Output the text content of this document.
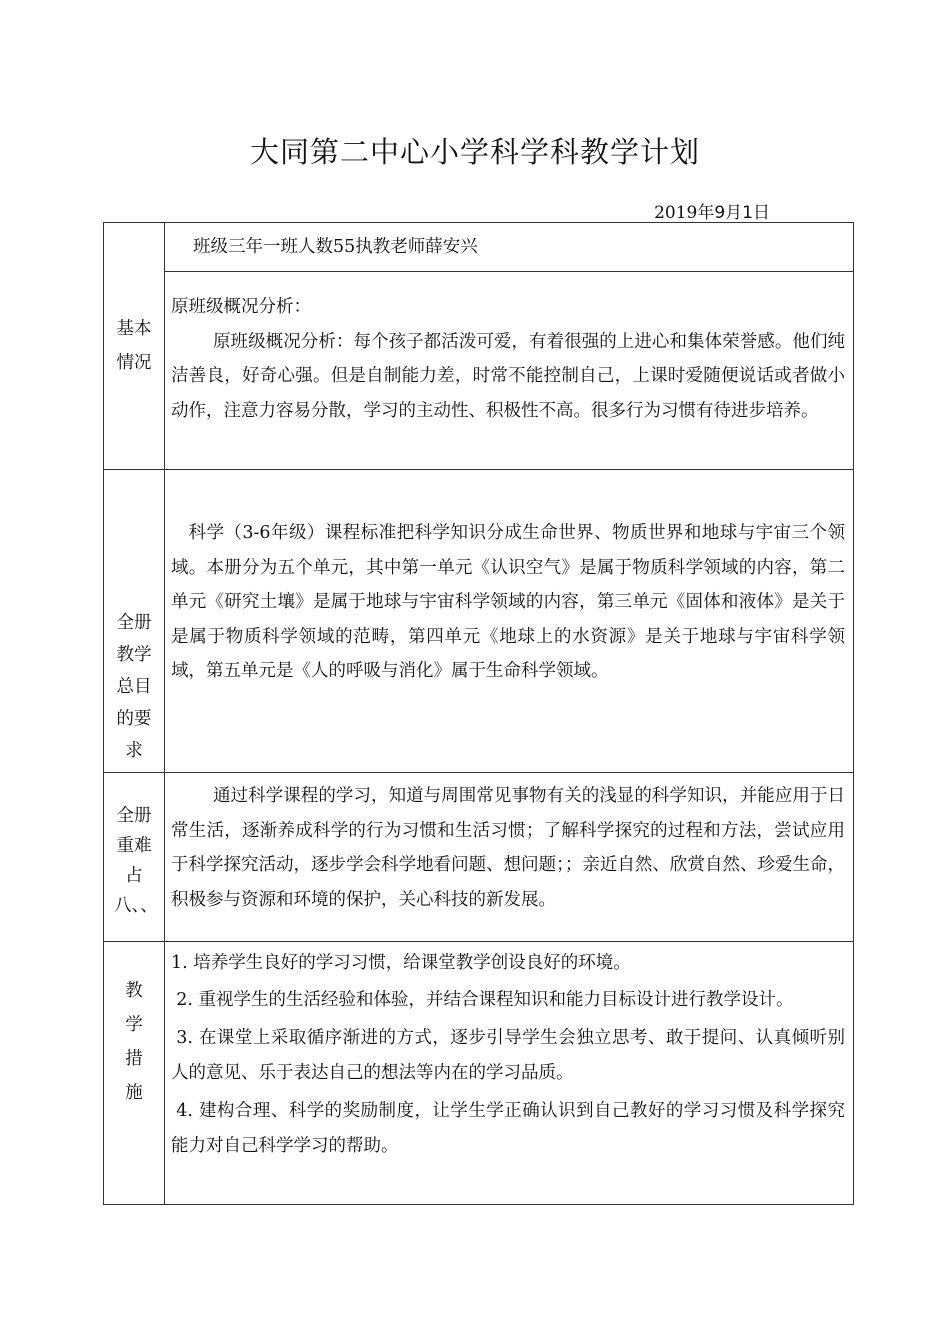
大同第二中心小学科学科教学计划
2019年9月1日
基本情况	班级三年一班人数55执教老师薛安兴

	原班级概况分析：

原班级概况分析：每个孩子都活泼可爱，有着很强的上进心和集体荣誉感。他们纯洁善良，好奇心强。但是自制能力差，时常不能控制自己，上课时爱随便说话或者做小动作，注意力容易分散，学习的主动性、积极性不高。很多行为习惯有待进步培养。

全册教学总目的要求	科学（3-6年级）课程标准把科学知识分成生命世界、物质世界和地球与宇宙三个领域。本册分为五个单元，其中第一单元《认识空气》是属于物质科学领域的内容，第二单元《研究土壤》是属于地球与宇宙科学领域的内容，第三单元《固体和液体》是关于是属于物质科学领域的范畴，第四单元《地球上的水资源》是关于地球与宇宙科学领域，第五单元是《人的呼吸与消化》属于生命科学领域。

全册重难占八、、	通过科学课程的学习，知道与周围常见事物有关的浅显的科学知识，并能应用于日常生活，逐渐养成科学的行为习惯和生活习惯；了解科学探究的过程和方法，尝试应用于科学探究活动，逐步学会科学地看问题、想问题；；亲近自然、欣赏自然、珍爱生命，积极参与资源和环境的保护，关心科技的新发展。

教学措施	1. 培养学生良好的学习习惯，给课堂教学创设良好的环境。

2. 重视学生的生活经验和体验，并结合课程知识和能力目标设计进行教学设计。

3. 在课堂上采取循序渐进的方式，逐步引导学生会独立思考、敢于提问、认真倾听别人的意见、乐于表达自己的想法等内在的学习品质。

4. 建构合理、科学的奖励制度，让学生学正确认识到自己教好的学习习惯及科学探究能力对自己科学学习的帮助。
